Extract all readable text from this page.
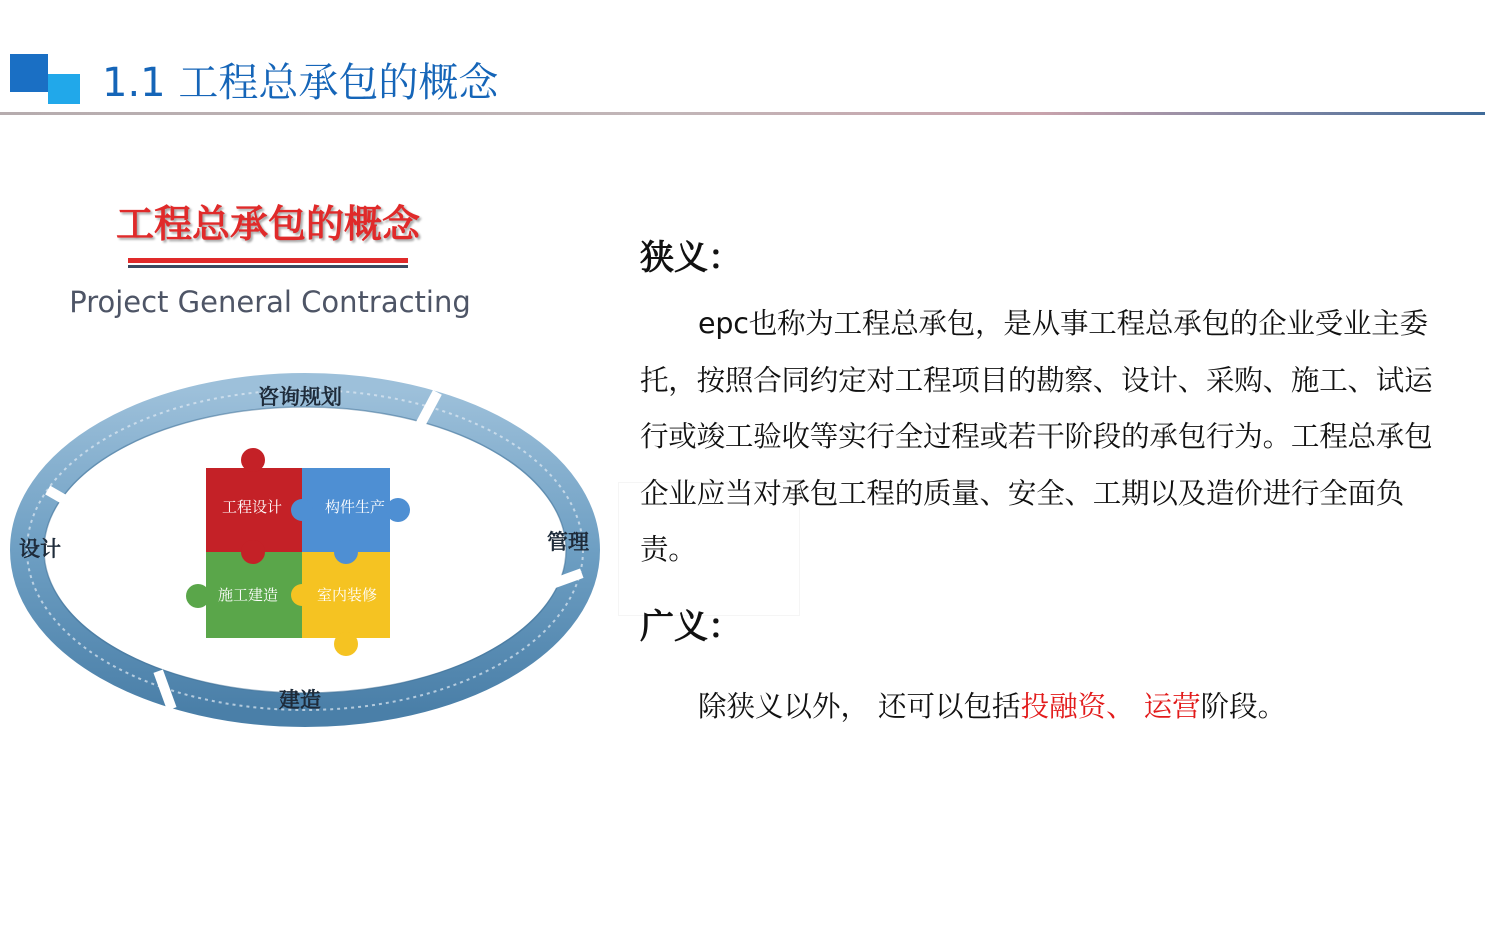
1.1 工程总承包的概念
工程总承包的概念
Project General Contracting
咨询规划
管理
建造
设计
工程设计	构件生产
施工建造	室内装修
狭义：

epc也称为工程总承包，是从事工程总承包的企业受业主委托，按照合同约定对工程项目的勘察、设计、采购、施工、试运行或竣工验收等实行全过程或若干阶段的承包行为。工程总承包企业应当对承包工程的质量、安全、工期以及造价进行全面负责。

广义：
除狭义以外， 还可以包括投融资、 运营阶段。
